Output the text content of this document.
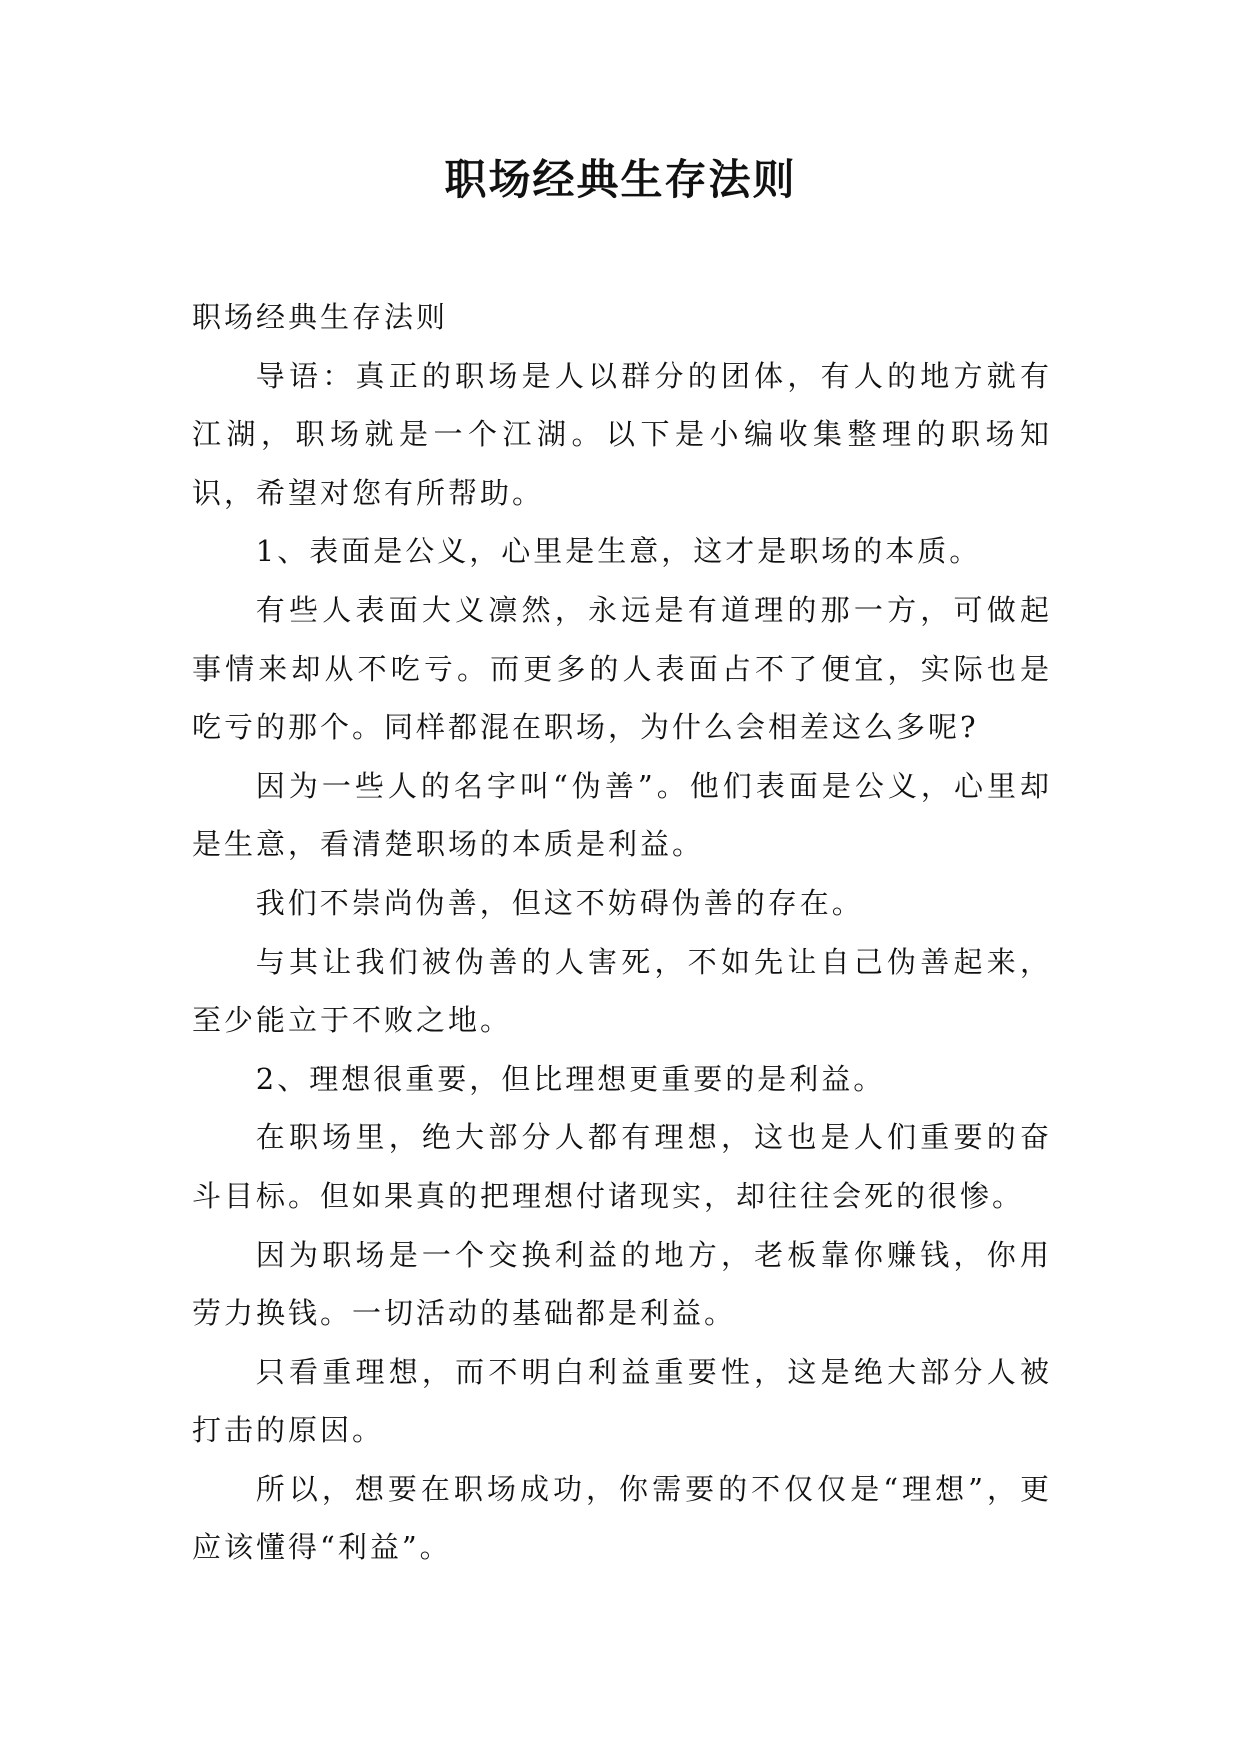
职场经典生存法则

职场经典生存法则

导语：真正的职场是人以群分的团体，有人的地方就有江湖，职场就是一个江湖。以下是小编收集整理的职场知识，希望对您有所帮助。

1、表面是公义，心里是生意，这才是职场的本质。

有些人表面大义凛然，永远是有道理的那一方，可做起事情来却从不吃亏。而更多的人表面占不了便宜，实际也是吃亏的那个。同样都混在职场，为什么会相差这么多呢?

因为一些人的名字叫“伪善”。他们表面是公义，心里却是生意，看清楚职场的本质是利益。

我们不崇尚伪善，但这不妨碍伪善的存在。

与其让我们被伪善的人害死，不如先让自己伪善起来，至少能立于不败之地。

2、理想很重要，但比理想更重要的是利益。

在职场里，绝大部分人都有理想，这也是人们重要的奋斗目标。但如果真的把理想付诸现实，却往往会死的很惨。

因为职场是一个交换利益的地方，老板靠你赚钱，你用劳力换钱。一切活动的基础都是利益。

只看重理想，而不明白利益重要性，这是绝大部分人被打击的原因。

所以，想要在职场成功，你需要的不仅仅是“理想”，更应该懂得“利益”。
